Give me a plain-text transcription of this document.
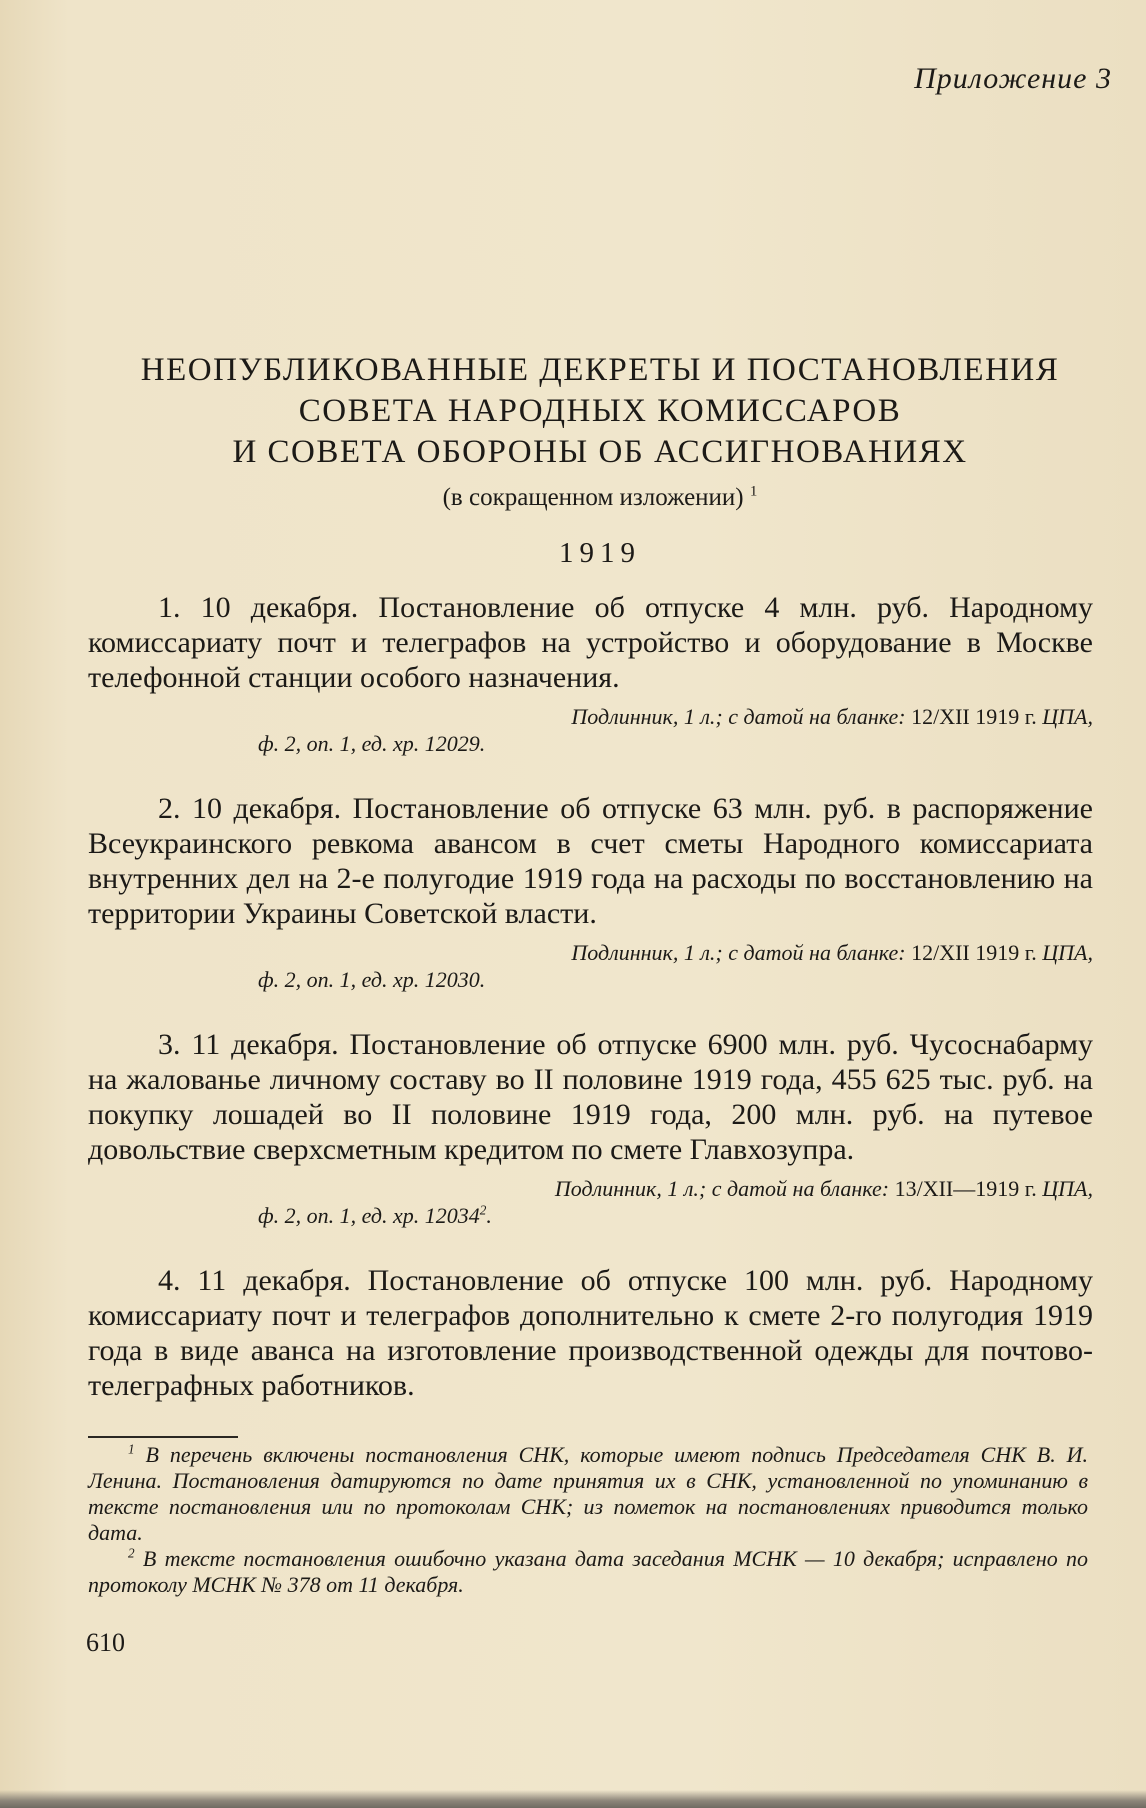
Приложение 3

НЕОПУБЛИКОВАННЫЕ ДЕКРЕТЫ И ПОСТАНОВЛЕНИЯ

СОВЕТА НАРОДНЫХ КОМИССАРОВ

И СОВЕТА ОБОРОНЫ ОБ АССИГНОВАНИЯХ

(в сокращенном изложении) $^1$
1919

1. 10 декабря. Постановление об отпуске 4 млн. руб. Народному комиссариату почт и телеграфов на устройство и оборудование в Москве телефонной станции особого назначения.

Подлинник, 1 л.; с датой на бланке: 12/XII 1919 г. ЦПА,
ф. 2, оп. 1, ед. хр. 12029.

2. 10 декабря. Постановление об отпуске 63 млн. руб. в распоряжение Всеукраинского ревкома авансом в счет сметы Народного комиссариата внутренних дел на 2-е полугодие 1919 года на расходы по восстановлению на территории Украины Советской власти.

Подлинник, 1 л.; с датой на бланке: 12/XII 1919 г. ЦПА,
ф. 2, оп. 1, ед. хр. 12030.

3. 11 декабря. Постановление об отпуске 6900 млн. руб. Чусоснабарму на жалованье личному составу во II половине 1919 года, 455 625 тыс. руб. на покупку лошадей во II половине 1919 года, 200 млн. руб. на путевое довольствие сверхсметным кредитом по смете Главхозупра.

Подлинник, 1 л.; с датой на бланке: 13/XII—1919 г. ЦПА,
ф. 2, оп. 1, ед. хр. 12034$^2$.

4. 11 декабря. Постановление об отпуске 100 млн. руб. Народному комиссариату почт и телеграфов дополнительно к смете 2-го полугодия 1919 года в виде аванса на изготовление производственной одежды для почтово-телеграфных работников.

$^1$ В перечень включены постановления СНК, которые имеют подпись Председателя СНК В. И. Ленина. Постановления датируются по дате принятия их в СНК, установленной по упоминанию в тексте постановления или по протоколам СНК; из пометок на постановлениях приводится только дата.

$^2$ В тексте постановления ошибочно указана дата заседания МСНК — 10 декабря; исправлено по протоколу МСНК № 378 от 11 декабря.

610
